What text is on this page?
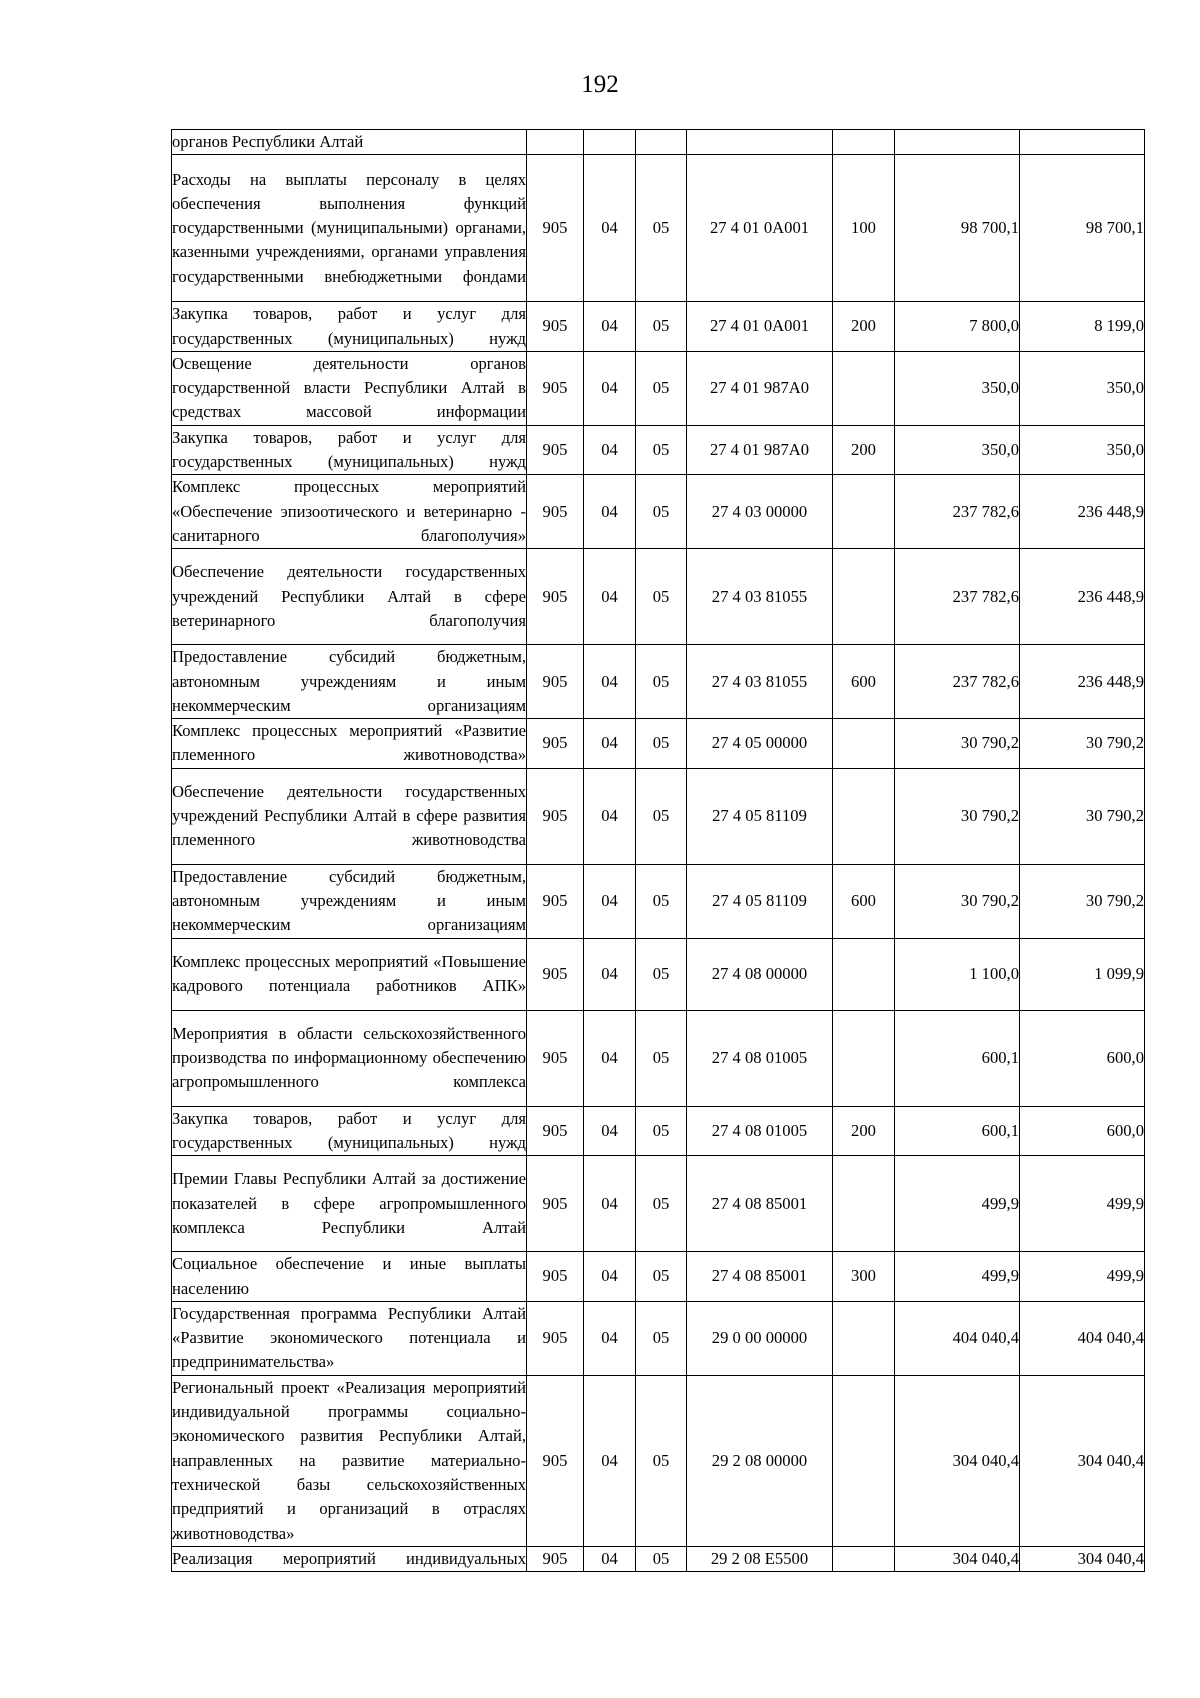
192
органов Республики Алтай							
Расходы на выплаты персоналу в целях обеспечения выполнения функций государственными (муниципальными) органами, казенными учреждениями, органами управления государственными внебюджетными фондами	905	04	05	27 4 01 0А001	100	98 700,1	98 700,1
Закупка товаров, работ и услуг для государственных (муниципальных) нужд	905	04	05	27 4 01 0А001	200	7 800,0	8 199,0
Освещение деятельности органов государственной власти Республики Алтай в средствах массовой информации	905	04	05	27 4 01 987А0		350,0	350,0
Закупка товаров, работ и услуг для государственных (муниципальных) нужд	905	04	05	27 4 01 987А0	200	350,0	350,0
Комплекс процессных мероприятий «Обеспечение эпизоотического и ветеринарно - санитарного благополучия»	905	04	05	27 4 03 00000		237 782,6	236 448,9
Обеспечение деятельности государственных учреждений Республики Алтай в сфере ветеринарного благополучия	905	04	05	27 4 03 81055		237 782,6	236 448,9
Предоставление субсидий бюджетным, автономным учреждениям и иным некоммерческим организациям	905	04	05	27 4 03 81055	600	237 782,6	236 448,9
Комплекс процессных мероприятий «Развитие племенного животноводства»	905	04	05	27 4 05 00000		30 790,2	30 790,2
Обеспечение деятельности государственных учреждений Республики Алтай в сфере развития племенного животноводства	905	04	05	27 4 05 81109		30 790,2	30 790,2
Предоставление субсидий бюджетным, автономным учреждениям и иным некоммерческим организациям	905	04	05	27 4 05 81109	600	30 790,2	30 790,2
Комплекс процессных мероприятий «Повышение кадрового потенциала работников АПК»	905	04	05	27 4 08 00000		1 100,0	1 099,9
Мероприятия в области сельскохозяйственного производства по информационному обеспечению агропромышленного комплекса	905	04	05	27 4 08 01005		600,1	600,0
Закупка товаров, работ и услуг для государственных (муниципальных) нужд	905	04	05	27 4 08 01005	200	600,1	600,0
Премии Главы Республики Алтай за достижение показателей в сфере агропромышленного комплекса Республики Алтай	905	04	05	27 4 08 85001		499,9	499,9
Социальное обеспечение и иные выплаты населению	905	04	05	27 4 08 85001	300	499,9	499,9
Государственная программа Республики Алтай «Развитие экономического потенциала и предпринимательства»	905	04	05	29 0 00 00000		404 040,4	404 040,4
Региональный проект «Реализация мероприятий индивидуальной программы социально-экономического развития Республики Алтай, направленных на развитие материально-технической базы сельскохозяйственных предприятий и организаций в отраслях животноводства»	905	04	05	29 2 08 00000		304 040,4	304 040,4
Реализация мероприятий индивидуальных	905	04	05	29 2 08 Е5500		304 040,4	304 040,4
